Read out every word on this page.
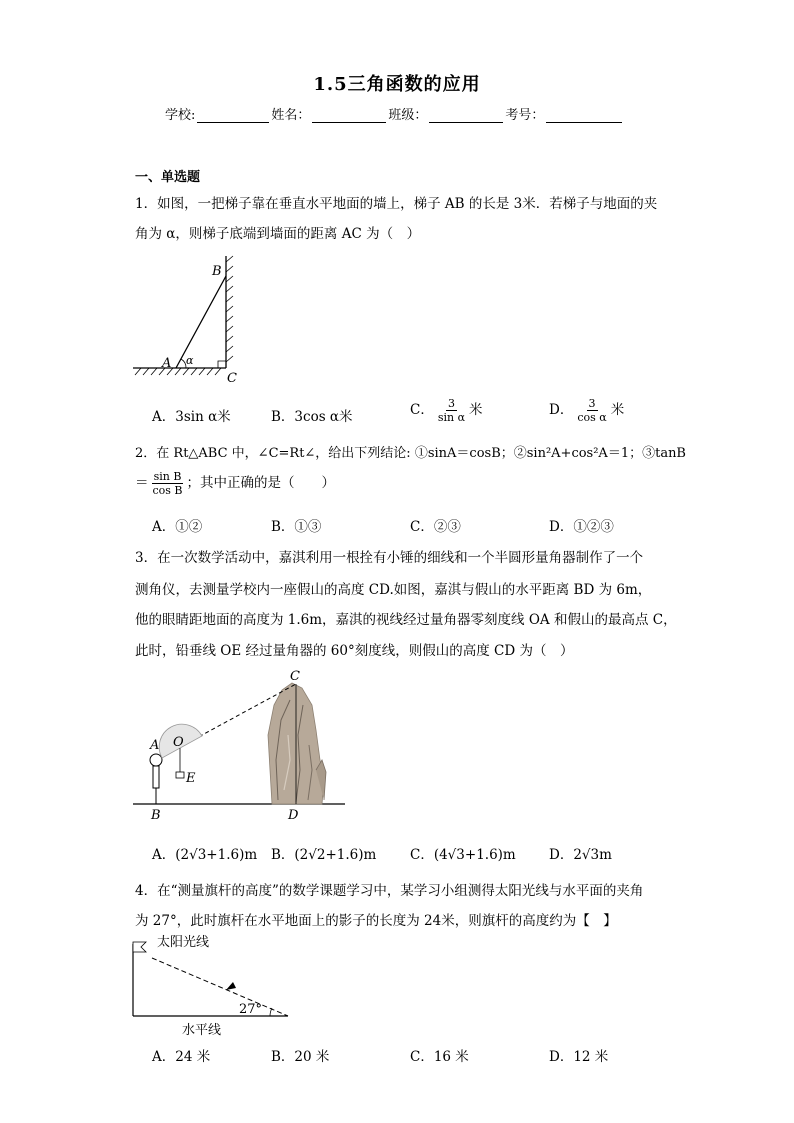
1.5三角函数的应用
学校:	姓名：	班级：	考号：
一、单选题
1．如图，一把梯子靠在垂直水平地面的墙上，梯子 AB 的长是 3米．若梯子与地面的夹
角为 α，则梯子底端到墙面的距离 AC 为（　）
B
A α
C
A O
E
B
C
D
太阳光线
27°
水平线
A．3sin α米	B．3cos α米	C． $\frac{3}{\text{sin α}}$ 米	D． $\frac{3}{\text{cos α}}$ 米
2．在 Rt△ABC 中，∠C=Rt∠，给出下列结论: ①sinA＝cosB；②sin²A+cos²A＝1；③tanB
＝ $\frac{\text{sin B}}{\text{cos B}}$ ；其中正确的是（　　）
A．①②	B．①③	C．②③	D．①②③
3．在一次数学活动中，嘉淇利用一根拴有小锤的细线和一个半圆形量角器制作了一个
测角仪，去测量学校内一座假山的高度 CD.如图，嘉淇与假山的水平距离 BD 为 6m，
他的眼睛距地面的高度为 1.6m，嘉淇的视线经过量角器零刻度线 OA 和假山的最高点 C，
此时，铅垂线 OE 经过量角器的 60°刻度线，则假山的高度 CD 为（　）
A．(2√3+1.6)m B．(2√2+1.6)m C．(4√3+1.6)m D．2√3m
4．在“测量旗杆的高度”的数学课题学习中，某学习小组测得太阳光线与水平面的夹角
为 27°，此时旗杆在水平地面上的影子的长度为 24米，则旗杆的高度约为【　】
A．24 米	B．20 米	C．16 米	D．12 米
